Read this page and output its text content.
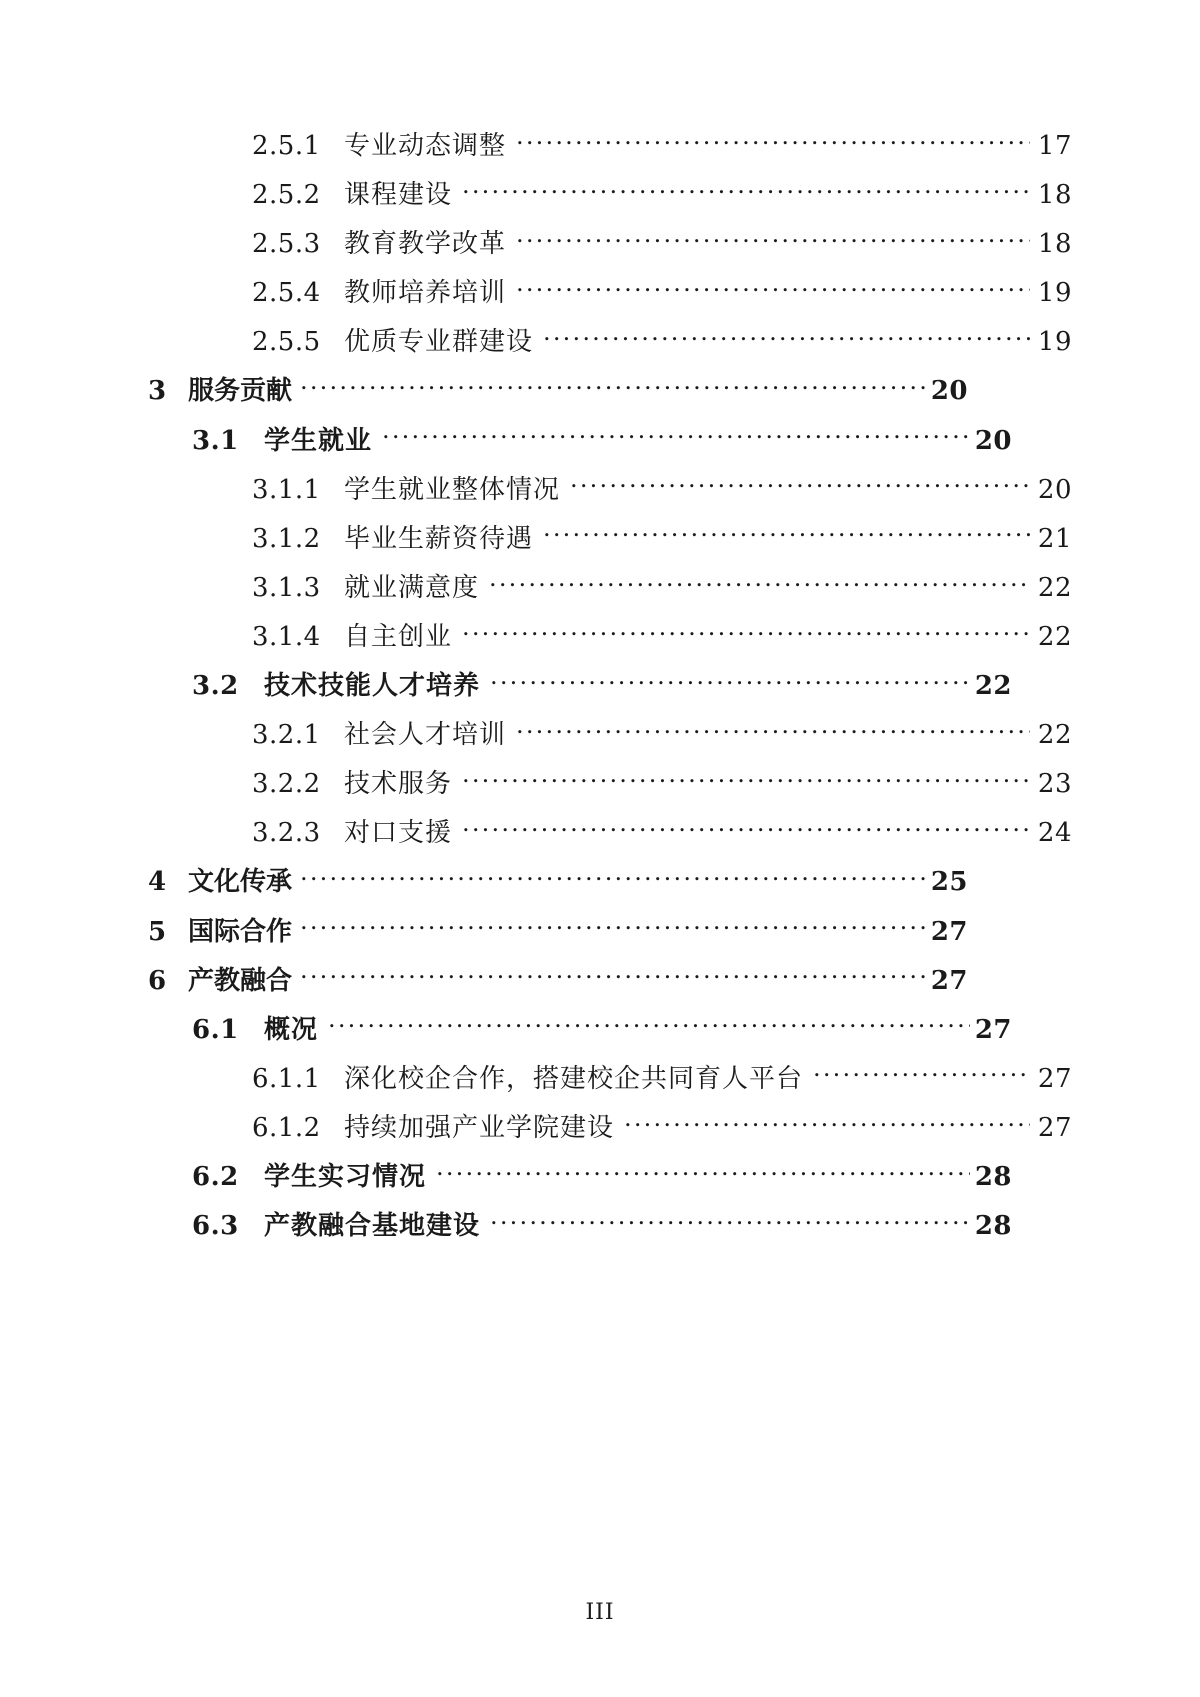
2.5.1 专业动态调整 .....	17
2.5.2 课程建设 .....	18
2.5.3 教育教学改革 .....	18
2.5.4 教师培养培训 .....	19
2.5.5 优质专业群建设 .....	19
3 服务贡献 .....	20
3.1 学生就业 .....	20
3.1.1 学生就业整体情况 .....	20
3.1.2 毕业生薪资待遇 .....	21
3.1.3 就业满意度 .....	22
3.1.4 自主创业 .....	22
3.2 技术技能人才培养 .....	22
3.2.1 社会人才培训 .....	22
3.2.2 技术服务 .....	23
3.2.3 对口支援 .....	24
4 文化传承 .....	25
5 国际合作 .....	27
6 产教融合 .....	27
6.1 概况 .....	27
6.1.1 深化校企合作，搭建校企共同育人平台 .....	27
6.1.2 持续加强产业学院建设 .....	27
6.2 学生实习情况 .....	28
6.3 产教融合基地建设 .....	28
III
